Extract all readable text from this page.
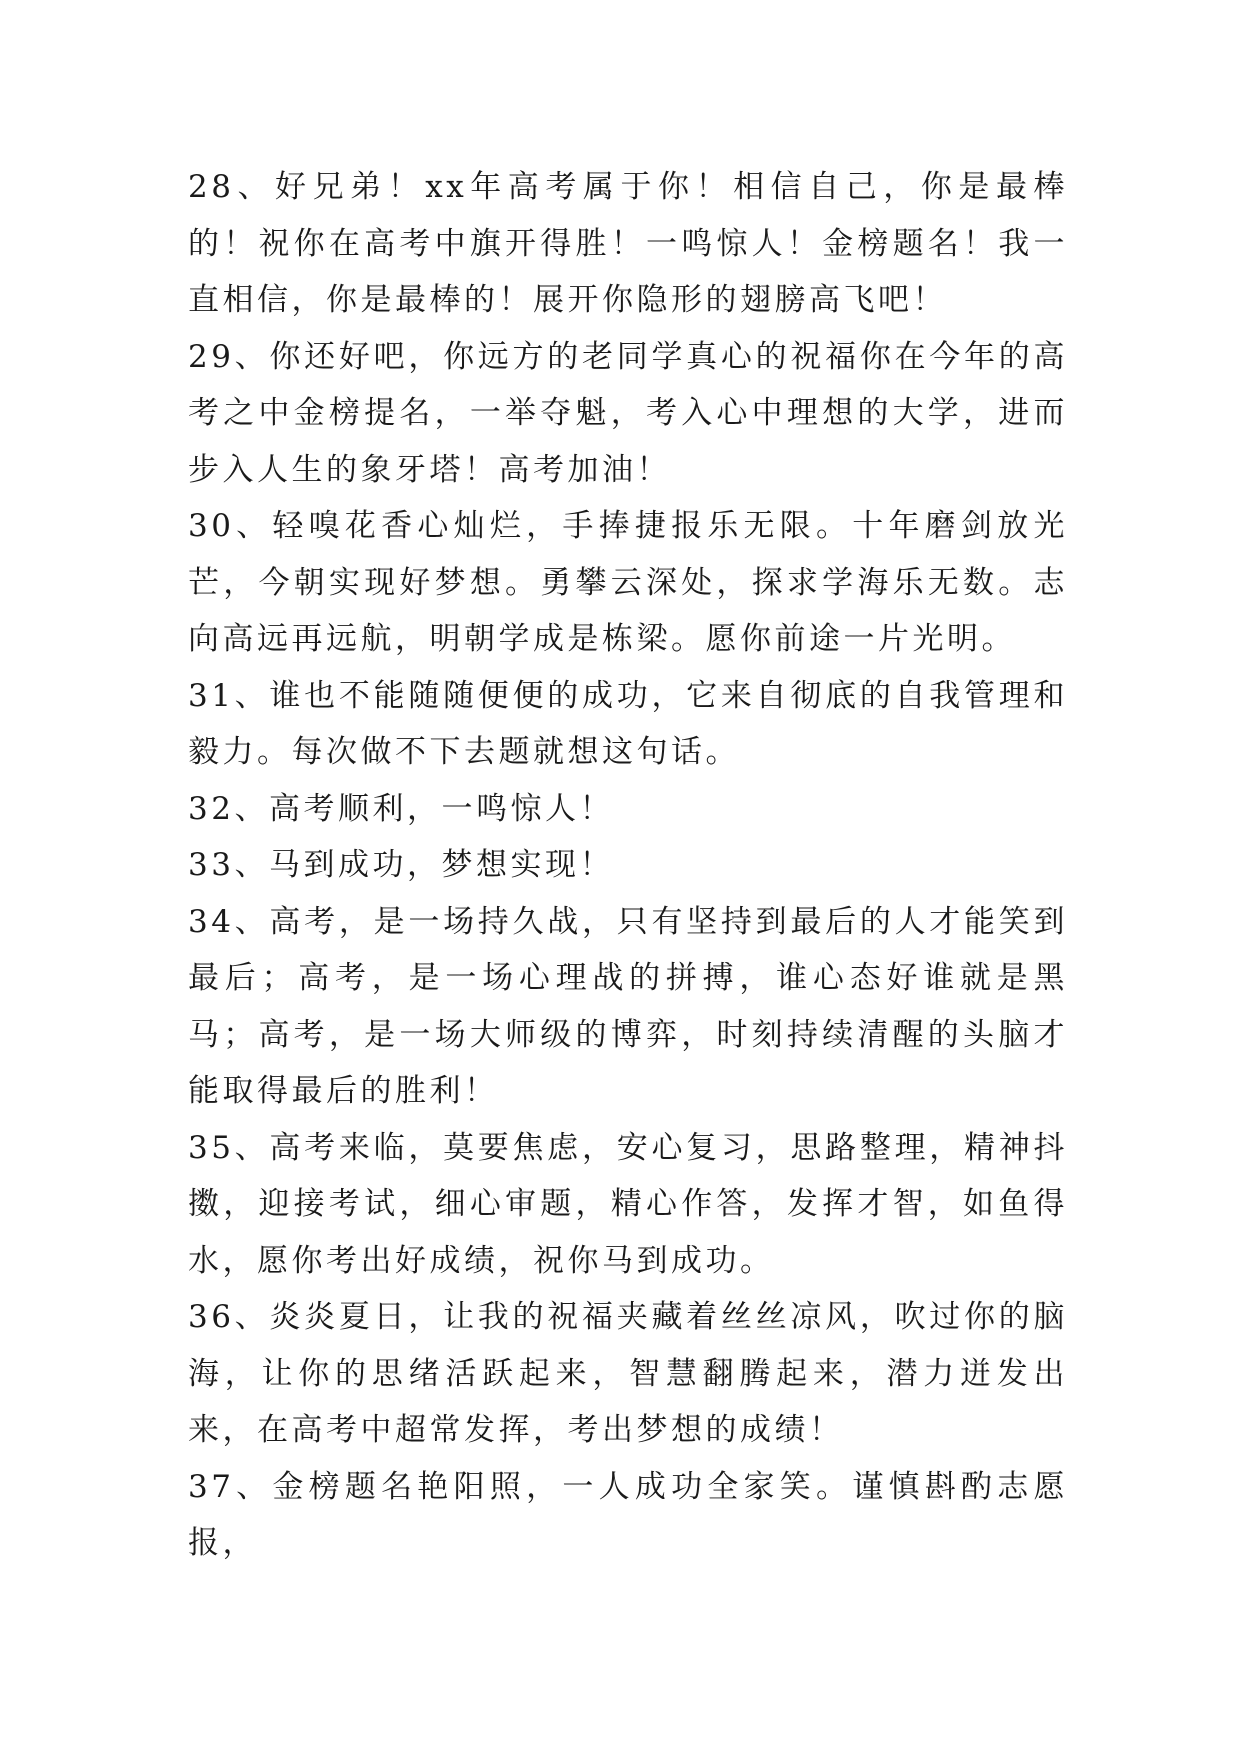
28、好兄弟！xx年高考属于你！相信自己，你是最棒的！祝你在高考中旗开得胜！一鸣惊人！金榜题名！我一直相信，你是最棒的！展开你隐形的翅膀高飞吧！

29、你还好吧，你远方的老同学真心的祝福你在今年的高考之中金榜提名，一举夺魁，考入心中理想的大学，进而步入人生的象牙塔！高考加油！

30、轻嗅花香心灿烂，手捧捷报乐无限。十年磨剑放光芒，今朝实现好梦想。勇攀云深处，探求学海乐无数。志向高远再远航，明朝学成是栋梁。愿你前途一片光明。

31、谁也不能随随便便的成功，它来自彻底的自我管理和毅力。每次做不下去题就想这句话。

32、高考顺利，一鸣惊人！

33、马到成功，梦想实现！

34、高考，是一场持久战，只有坚持到最后的人才能笑到最后；高考，是一场心理战的拼搏，谁心态好谁就是黑马；高考，是一场大师级的博弈，时刻持续清醒的头脑才能取得最后的胜利！

35、高考来临，莫要焦虑，安心复习，思路整理，精神抖擞，迎接考试，细心审题，精心作答，发挥才智，如鱼得水，愿你考出好成绩，祝你马到成功。

36、炎炎夏日，让我的祝福夹藏着丝丝凉风，吹过你的脑海，让你的思绪活跃起来，智慧翻腾起来，潜力迸发出来，在高考中超常发挥，考出梦想的成绩！

37、金榜题名艳阳照，一人成功全家笑。谨慎斟酌志愿报，
